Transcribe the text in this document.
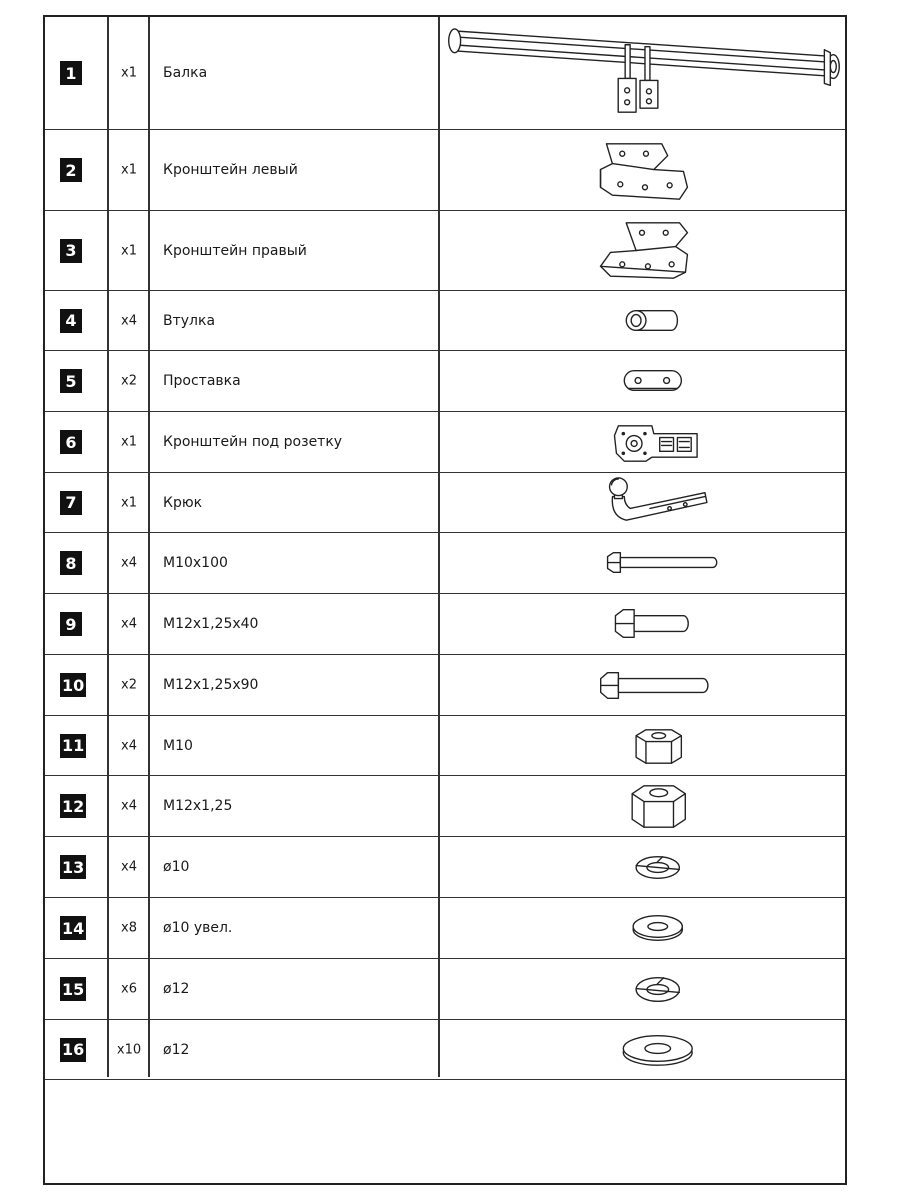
1	x1	Балка
2	x1	Кронштейн левый
3	x1	Кронштейн правый
4	x4	Втулка
5	x2	Проставка
6	x1	Кронштейн под розетку
7	x1	Крюк
8	x4	M10x100
9	x4	M12x1,25x40
10	x2	M12x1,25x90
11	x4	M10
12	x4	M12x1,25
13	x4	ø10
14	x8	ø10 увел.
15	x6	ø12
16	x10	ø12
